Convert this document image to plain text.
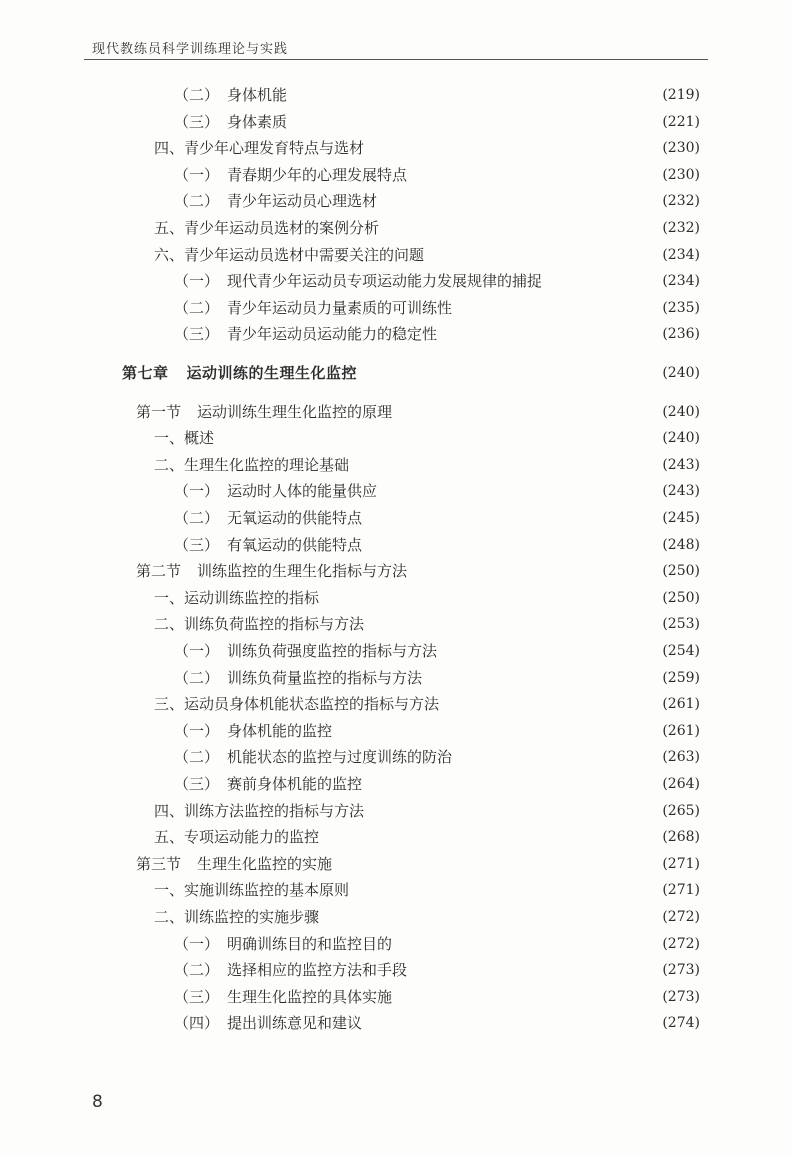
现代教练员科学训练理论与实践
（二） 身体机能	(219)
（三） 身体素质	(221)
四、青少年心理发育特点与选材	(230)
（一） 青春期少年的心理发展特点	(230)
（二） 青少年运动员心理选材	(232)
五、青少年运动员选材的案例分析	(232)
六、青少年运动员选材中需要关注的问题	(234)
（一） 现代青少年运动员专项运动能力发展规律的捕捉	(234)
（二） 青少年运动员力量素质的可训练性	(235)
（三） 青少年运动员运动能力的稳定性	(236)
第七章 运动训练的生理生化监控	(240)
第一节 运动训练生理生化监控的原理	(240)
一、概述	(240)
二、生理生化监控的理论基础	(243)
（一） 运动时人体的能量供应	(243)
（二） 无氧运动的供能特点	(245)
（三） 有氧运动的供能特点	(248)
第二节 训练监控的生理生化指标与方法	(250)
一、运动训练监控的指标	(250)
二、训练负荷监控的指标与方法	(253)
（一） 训练负荷强度监控的指标与方法	(254)
（二） 训练负荷量监控的指标与方法	(259)
三、运动员身体机能状态监控的指标与方法	(261)
（一） 身体机能的监控	(261)
（二） 机能状态的监控与过度训练的防治	(263)
（三） 赛前身体机能的监控	(264)
四、训练方法监控的指标与方法	(265)
五、专项运动能力的监控	(268)
第三节 生理生化监控的实施	(271)
一、实施训练监控的基本原则	(271)
二、训练监控的实施步骤	(272)
（一） 明确训练目的和监控目的	(272)
（二） 选择相应的监控方法和手段	(273)
（三） 生理生化监控的具体实施	(273)
（四） 提出训练意见和建议	(274)
8
